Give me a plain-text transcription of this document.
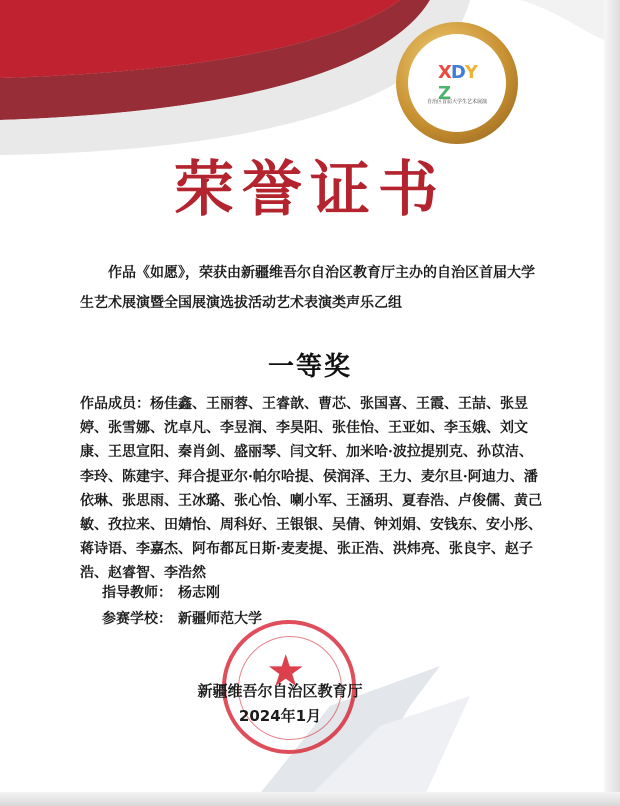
XDYZ
自治区首届大学生艺术展演
荣誉证书
作品《如愿》，荣获由新疆维吾尔自治区教育厅主办的自治区首届大学生艺术展演暨全国展演选拔活动艺术表演类声乐乙组
一等奖
作品成员：杨佳鑫、王丽蓉、王睿歆、曹芯、张国喜、王霞、王喆、张昱婷、张雪娜、沈卓凡、李昱润、李昊阳、张佳怡、王亚如、李玉娥、刘文康、王思宣阳、秦肖剑、盛丽琴、闫文轩、加米哈·波拉提别克、孙苡洁、李玲、陈建宇、拜合提亚尔·帕尔哈提、侯润泽、王力、麦尔旦·阿迪力、潘依琳、张思雨、王冰璐、张心怡、喇小军、王涵玥、夏春浩、卢俊儒、黄己敏、孜拉来、田婧怡、周科好、王银银、吴倩、钟刘娟、安钱东、安小彤、蒋诗语、李嘉杰、阿布都瓦日斯·麦麦提、张正浩、洪炜亮、张良宇、赵子浩、赵睿智、李浩然
指导教师： 杨志刚
参赛学校： 新疆师范大学
★
新疆维吾尔自治区教育厅
2024年1月
